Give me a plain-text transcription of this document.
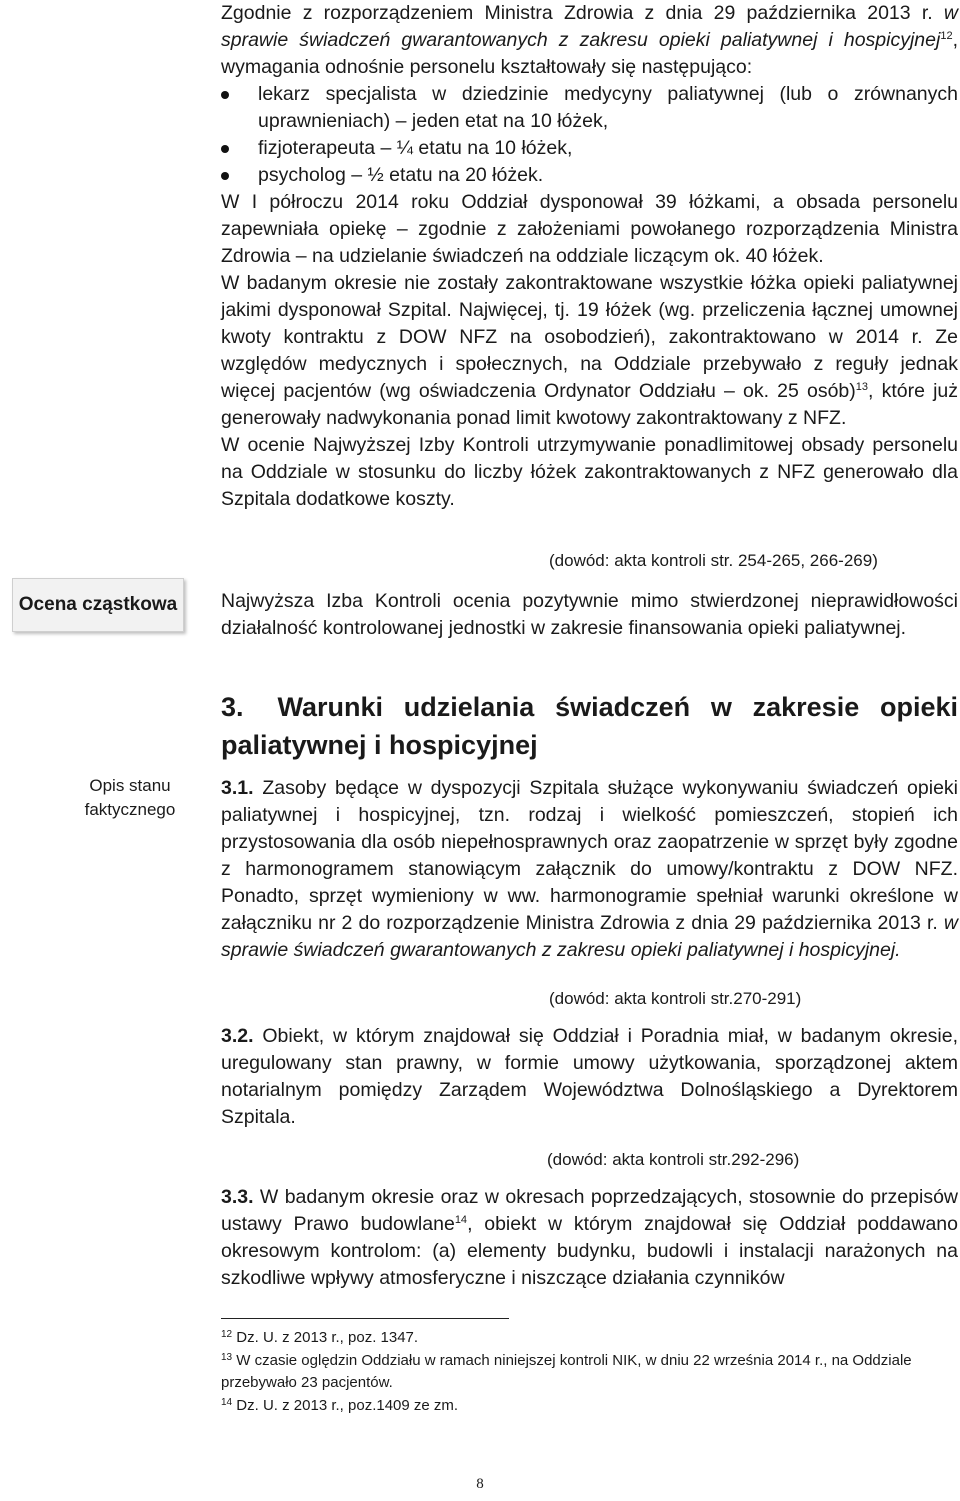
Zgodnie z rozporządzeniem Ministra Zdrowia z dnia 29 października 2013 r. w sprawie świadczeń gwarantowanych z zakresu opieki paliatywnej i hospicyjnej$^{12}$, wymagania odnośnie personelu kształtowały się następująco:

lekarz specjalista w dziedzinie medycyny paliatywnej (lub o zrównanych uprawnieniach) – jeden etat na 10 łóżek,
fizjoterapeuta – ¼ etatu na 10 łóżek,
psycholog – ½ etatu na 20 łóżek.

W I półroczu 2014 roku Oddział dysponował 39 łóżkami, a obsada personelu zapewniała opiekę – zgodnie z założeniami powołanego rozporządzenia Ministra Zdrowia – na udzielanie świadczeń na oddziale liczącym ok. 40 łóżek.

W badanym okresie nie zostały zakontraktowane wszystkie łóżka opieki paliatywnej jakimi dysponował Szpital. Najwięcej, tj. 19 łóżek (wg. przeliczenia łącznej umownej kwoty kontraktu z DOW NFZ na osobodzień), zakontraktowano w 2014 r. Ze względów medycznych i społecznych, na Oddziale przebywało z reguły jednak więcej pacjentów (wg oświadczenia Ordynator Oddziału – ok. 25 osób)$^{13}$, które już generowały nadwykonania ponad limit kwotowy zakontraktowany z NFZ.

W ocenie Najwyższej Izby Kontroli utrzymywanie ponadlimitowej obsady personelu na Oddziale w stosunku do liczby łóżek zakontraktowanych z NFZ generowało dla Szpitala dodatkowe koszty.

(dowód: akta kontroli str. 254-265, 266-269)
Ocena cząstkowa Najwyższa Izba Kontroli ocenia pozytywnie mimo stwierdzonej nieprawidłowości działalność kontrolowanej jednostki w zakresie finansowania opieki paliatywnej.

3. Warunki udzielania świadczeń w zakresie opieki paliatywnej i hospicyjnej
Opis stanu faktycznego

3.1. Zasoby będące w dyspozycji Szpitala służące wykonywaniu świadczeń opieki paliatywnej i hospicyjnej, tzn. rodzaj i wielkość pomieszczeń, stopień ich przystosowania dla osób niepełnosprawnych oraz zaopatrzenie w sprzęt były zgodne z harmonogramem stanowiącym załącznik do umowy/kontraktu z DOW NFZ. Ponadto, sprzęt wymieniony w ww. harmonogramie spełniał warunki określone w załączniku nr 2 do rozporządzenie Ministra Zdrowia z dnia 29 października 2013 r. w sprawie świadczeń gwarantowanych z zakresu opieki paliatywnej i hospicyjnej.

(dowód: akta kontroli str.270-291)

3.2. Obiekt, w którym znajdował się Oddział i Poradnia miał, w badanym okresie, uregulowany stan prawny, w formie umowy użytkowania, sporządzonej aktem notarialnym pomiędzy Zarządem Województwa Dolnośląskiego a Dyrektorem Szpitala.

(dowód: akta kontroli str.292-296)

3.3. W badanym okresie oraz w okresach poprzedzających, stosownie do przepisów ustawy Prawo budowlane$^{14}$, obiekt w którym znajdował się Oddział poddawano okresowym kontrolom: (a) elementy budynku, budowli i instalacji narażonych na szkodliwe wpływy atmosferyczne i niszczące działania czynników

$^{12}$ Dz. U. z 2013 r., poz. 1347.

$^{13}$ W czasie oględzin Oddziału w ramach niniejszej kontroli NIK, w dniu 22 września 2014 r., na Oddziale przebywało 23 pacjentów.

$^{14}$ Dz. U. z 2013 r., poz.1409 ze zm.

8
